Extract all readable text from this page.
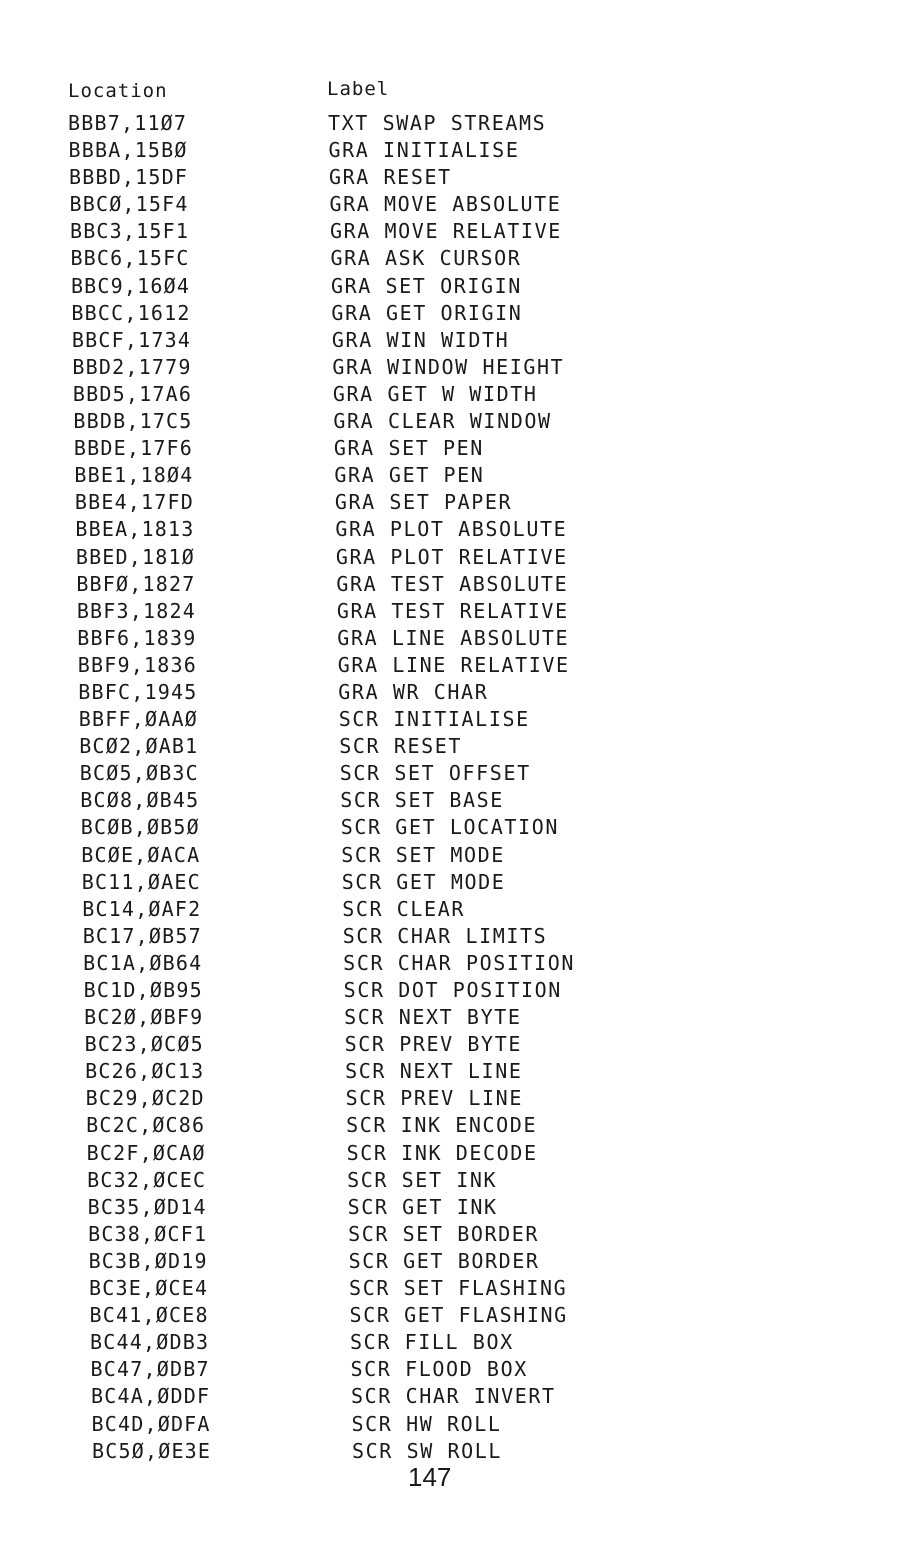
Location	Label
BBB7,11Ø7	TXT SWAP STREAMS
BBBA,15BØ	GRA INITIALISE
BBBD,15DF	GRA RESET
BBCØ,15F4	GRA MOVE ABSOLUTE
BBC3,15F1	GRA MOVE RELATIVE
BBC6,15FC	GRA ASK CURSOR
BBC9,16Ø4	GRA SET ORIGIN
BBCC,1612	GRA GET ORIGIN
BBCF,1734	GRA WIN WIDTH
BBD2,1779	GRA WINDOW HEIGHT
BBD5,17A6	GRA GET W WIDTH
BBDB,17C5	GRA CLEAR WINDOW
BBDE,17F6	GRA SET PEN
BBE1,18Ø4	GRA GET PEN
BBE4,17FD	GRA SET PAPER
BBEA,1813	GRA PLOT ABSOLUTE
BBED,181Ø	GRA PLOT RELATIVE
BBFØ,1827	GRA TEST ABSOLUTE
BBF3,1824	GRA TEST RELATIVE
BBF6,1839	GRA LINE ABSOLUTE
BBF9,1836	GRA LINE RELATIVE
BBFC,1945	GRA WR CHAR
BBFF,ØAAØ	SCR INITIALISE
BCØ2,ØAB1	SCR RESET
BCØ5,ØB3C	SCR SET OFFSET
BCØ8,ØB45	SCR SET BASE
BCØB,ØB5Ø	SCR GET LOCATION
BCØE,ØACA	SCR SET MODE
BC11,ØAEC	SCR GET MODE
BC14,ØAF2	SCR CLEAR
BC17,ØB57	SCR CHAR LIMITS
BC1A,ØB64	SCR CHAR POSITION
BC1D,ØB95	SCR DOT POSITION
BC2Ø,ØBF9	SCR NEXT BYTE
BC23,ØCØ5	SCR PREV BYTE
BC26,ØC13	SCR NEXT LINE
BC29,ØC2D	SCR PREV LINE
BC2C,ØC86	SCR INK ENCODE
BC2F,ØCAØ	SCR INK DECODE
BC32,ØCEC	SCR SET INK
BC35,ØD14	SCR GET INK
BC38,ØCF1	SCR SET BORDER
BC3B,ØD19	SCR GET BORDER
BC3E,ØCE4	SCR SET FLASHING
BC41,ØCE8	SCR GET FLASHING
BC44,ØDB3	SCR FILL BOX
BC47,ØDB7	SCR FLOOD BOX
BC4A,ØDDF	SCR CHAR INVERT
BC4D,ØDFA	SCR HW ROLL
BC5Ø,ØE3E	SCR SW ROLL
147
